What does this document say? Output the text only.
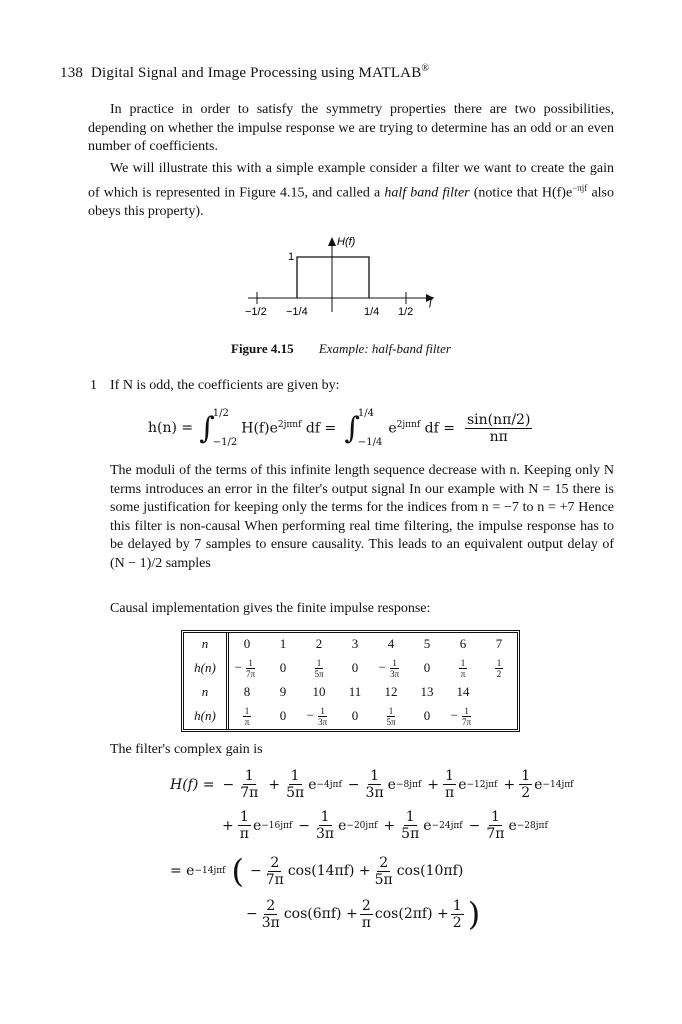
138 Digital Signal and Image Processing using MATLAB®
In practice in order to satisfy the symmetry properties there are two possibilities, depending on whether the impulse response we are trying to determine has an odd or an even number of coefficients.
We will illustrate this with a simple example consider a filter we want to create the gain of which is represented in Figure 4.15, and called a half band filter (notice that $H(f)e^{-\pi jf}$ also obeys this property).
H(f)
f
1
−1/2 −1/4	1/4 1/2
Figure 4.15 Example: half-band filter
1 If N is odd, the coefficients are given by:
h(n) = ∫
1/2
−1/2
$H(f)e^{2j\pi nf}$ df = ∫
1/4
−1/4
$e^{2j\pi nf}$ df = $\frac{\sin(n\pi/2)}{n\pi}$
The moduli of the terms of this infinite length sequence decrease with n. Keeping only N terms introduces an error in the filter's output signal In our example with N = 15 there is some justification for keeping only the terms for the indices from n = −7 to n = +7 Hence this filter is non-causal When performing real time filtering, the impulse response has to be delayed by 7 samples to ensure causality. This leads to an equivalent output delay of (N − 1)/2 samples
Causal implementation gives the finite impulse response:
n	0	1	2	3	4	5	6	7
h(n)	− $\frac{1}{7\pi}$	0	$\frac{1}{5\pi}$	0	− $\frac{1}{3\pi}$	0	$\frac{1}{\pi}$	$\frac{1}{2}$

n	8	9	10	11	12	13	14	
h(n)	$\frac{1}{\pi}$	0	− $\frac{1}{3\pi}$	0	$\frac{1}{5\pi}$	0	− $\frac{1}{7\pi}$
The filter's complex gain is
H(f) = − $\frac{1}{7\pi} + \frac{1}{5\pi}$ $e -4j\pi f - \frac{1}{3\pi}$ $e -8j\pi f + \frac{1}{\pi}$ $e -12j\pi f + \frac{1}{2}$ e −14jπf
+ $\frac{1}{\pi}$ $e -16j\pi f - \frac{1}{3\pi}$ $e -20j\pi f + \frac{1}{5\pi}$ $e -24j\pi f - \frac{1}{7\pi}$ e −28jπf
= e −14jπf ( − $\frac{2}{7\pi} \cos(14\pi f) + \frac{2}{5\pi} \cos(10\pi f)$
− $\frac{2}{3\pi} \cos(6\pi f) + \frac{2}{\pi} \cos(2\pi f) + \frac{1}{2}$ )
